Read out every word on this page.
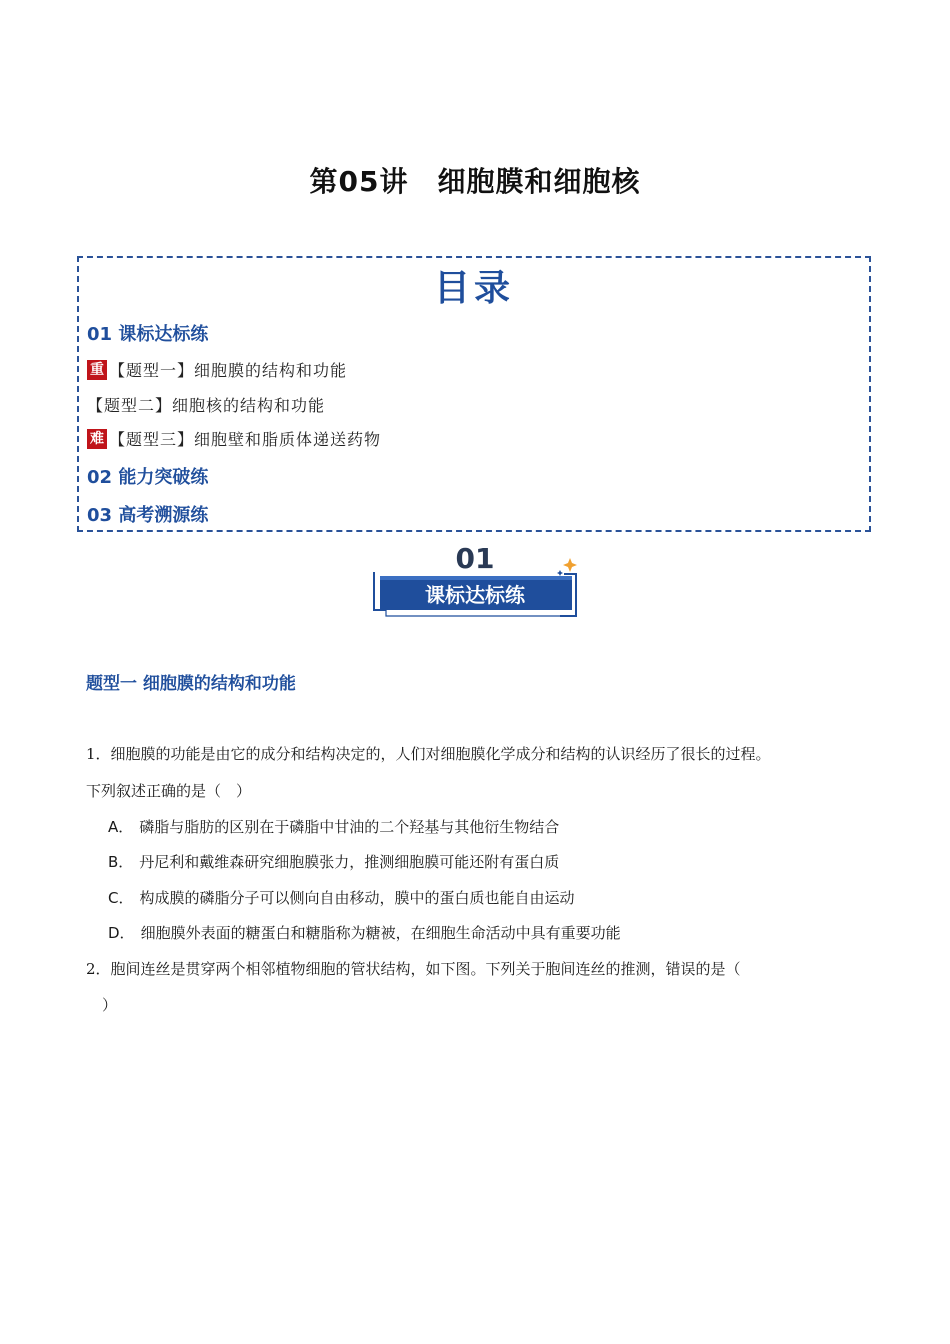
第05讲　细胞膜和细胞核
目录
01 课标达标练
重 【题型一】细胞膜的结构和功能
【题型二】细胞核的结构和功能
难 【题型三】细胞壁和脂质体递送药物
02 能力突破练
03 高考溯源练
01
课标达标练
题型一 细胞膜的结构和功能
1．细胞膜的功能是由它的成分和结构决定的，人们对细胞膜化学成分和结构的认识经历了很长的过程。
下列叙述正确的是（　）
A． 磷脂与脂肪的区别在于磷脂中甘油的二个羟基与其他衍生物结合
B． 丹尼利和戴维森研究细胞膜张力，推测细胞膜可能还附有蛋白质
C． 构成膜的磷脂分子可以侧向自由移动，膜中的蛋白质也能自由运动
D． 细胞膜外表面的糖蛋白和糖脂称为糖被，在细胞生命活动中具有重要功能
2．胞间连丝是贯穿两个相邻植物细胞的管状结构，如下图。下列关于胞间连丝的推测，错误的是（
）
